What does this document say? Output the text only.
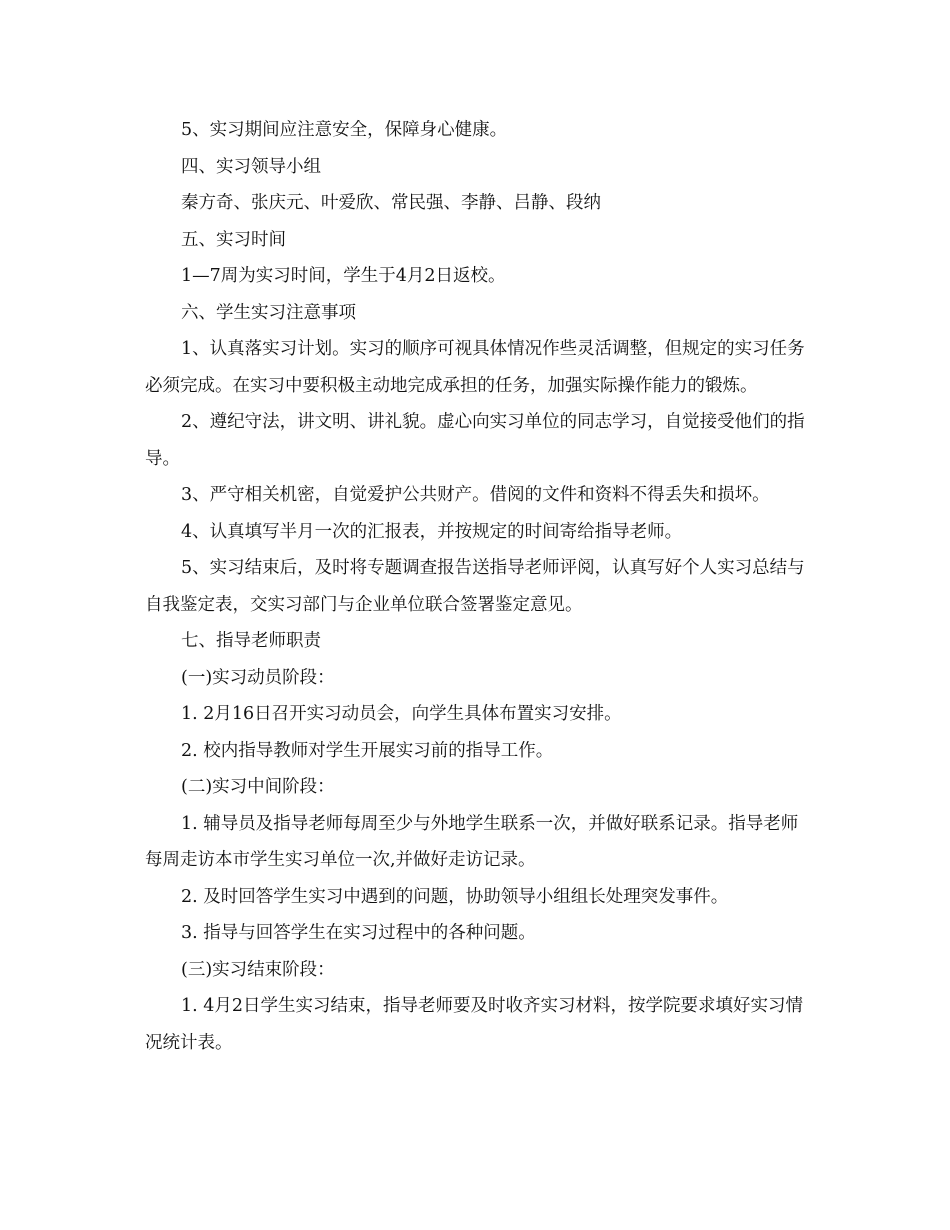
5、实习期间应注意安全，保障身心健康。

四、实习领导小组

秦方奇、张庆元、叶爱欣、常民强、李静、吕静、段纳

五、实习时间

1—7周为实习时间，学生于4月2日返校。

六、学生实习注意事项

1、认真落实习计划。实习的顺序可视具体情况作些灵活调整，但规定的实习任务必须完成。在实习中要积极主动地完成承担的任务，加强实际操作能力的锻炼。

2、遵纪守法，讲文明、讲礼貌。虚心向实习单位的同志学习，自觉接受他们的指导。

3、严守相关机密，自觉爱护公共财产。借阅的文件和资料不得丢失和损坏。

4、认真填写半月一次的汇报表，并按规定的时间寄给指导老师。

5、实习结束后，及时将专题调查报告送指导老师评阅，认真写好个人实习总结与自我鉴定表，交实习部门与企业单位联合签署鉴定意见。

七、指导老师职责

(一)实习动员阶段：

1. 2月16日召开实习动员会，向学生具体布置实习安排。

2. 校内指导教师对学生开展实习前的指导工作。

(二)实习中间阶段：

1. 辅导员及指导老师每周至少与外地学生联系一次，并做好联系记录。指导老师每周走访本市学生实习单位一次,并做好走访记录。

2. 及时回答学生实习中遇到的问题，协助领导小组组长处理突发事件。

3. 指导与回答学生在实习过程中的各种问题。

(三)实习结束阶段：

1. 4月2日学生实习结束，指导老师要及时收齐实习材料，按学院要求填好实习情况统计表。
